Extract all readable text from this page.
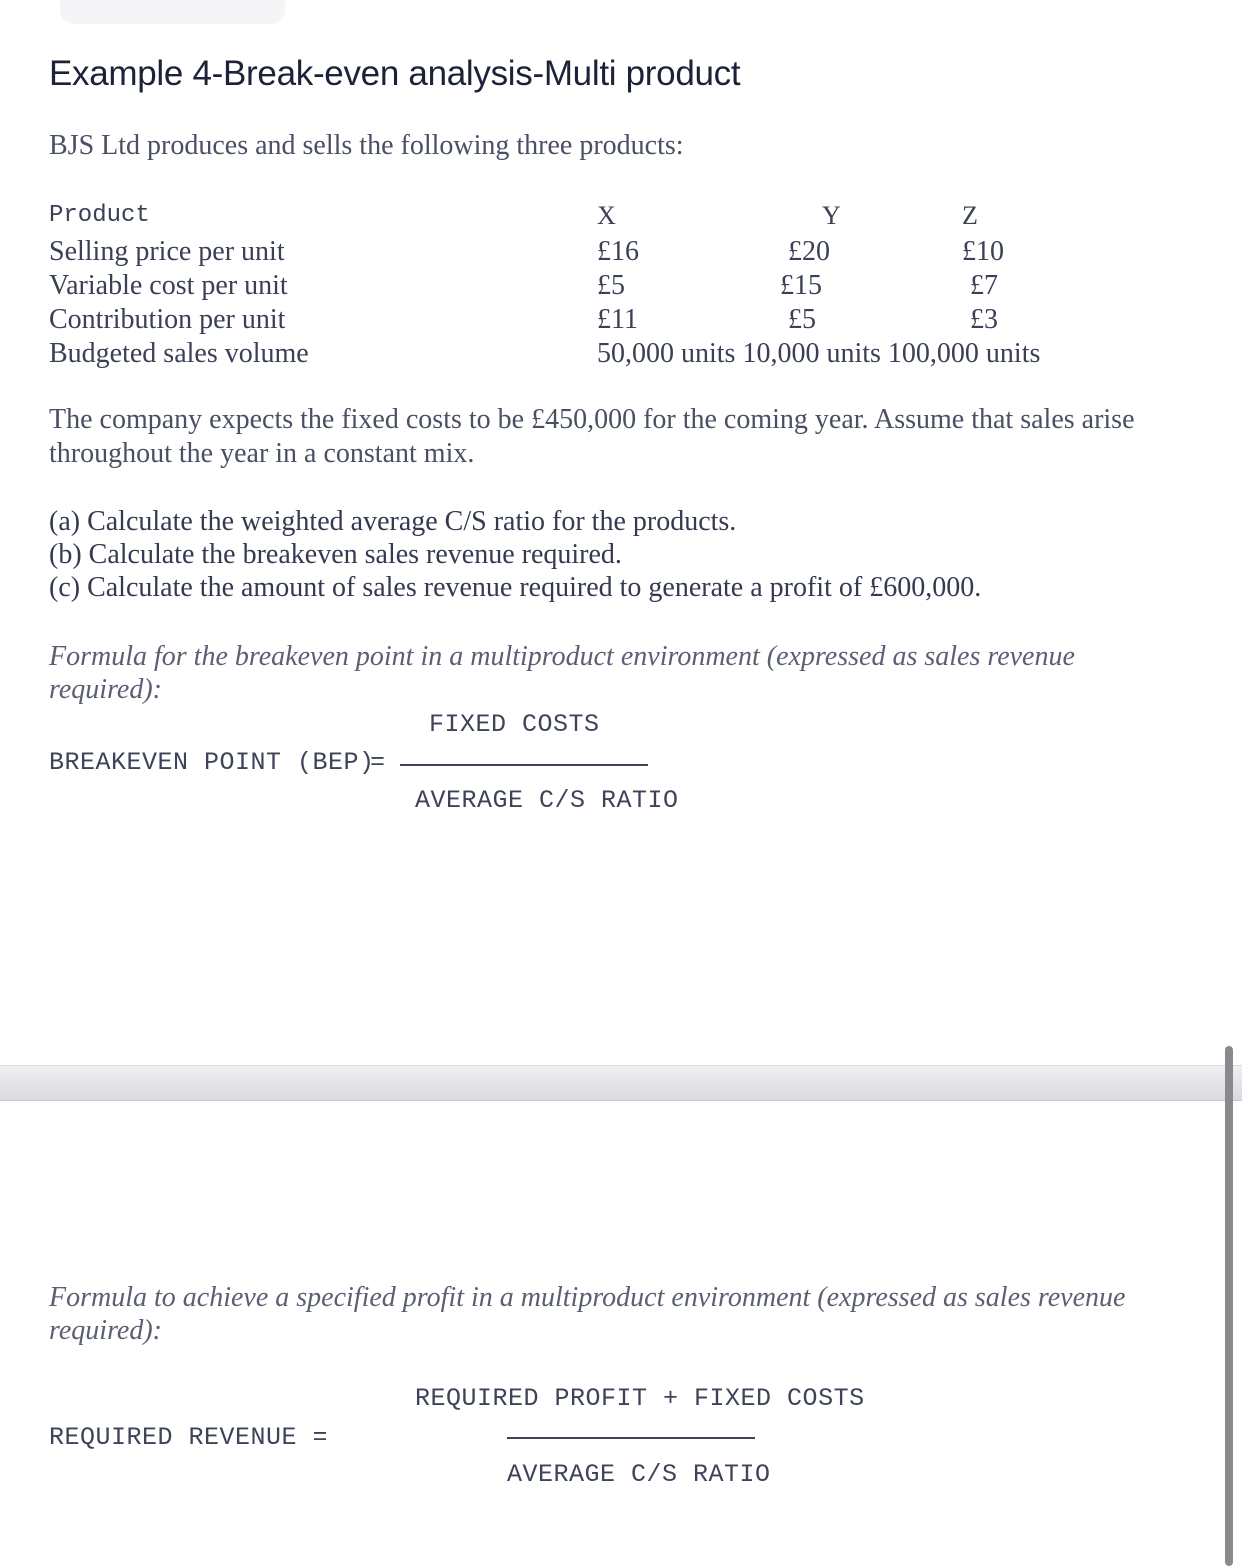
Example 4-Break-even analysis-Multi product

BJS Ltd produces and sells the following three products:

Product	X	Y	Z
Selling price per unit	£16	£20	£10
Variable cost per unit	£5	£15	£7
Contribution per unit	£11	£5	£3
Budgeted sales volume	50,000 units 10,000 units 100,000 units

The company expects the fixed costs to be £450,000 for the coming year. Assume that sales arise throughout the year in a constant mix.

(a) Calculate the weighted average C/S ratio for the products.

(b) Calculate the breakeven sales revenue required.

(c) Calculate the amount of sales revenue required to generate a profit of £600,000.

Formula for the breakeven point in a multiproduct environment (expressed as sales revenue required):

FIXED COSTS
BREAKEVEN POINT (BEP)
=
AVERAGE C/S RATIO

Formula to achieve a specified profit in a multiproduct environment (expressed as sales revenue required):

REQUIRED PROFIT + FIXED COSTS
REQUIRED REVENUE =
AVERAGE C/S RATIO
